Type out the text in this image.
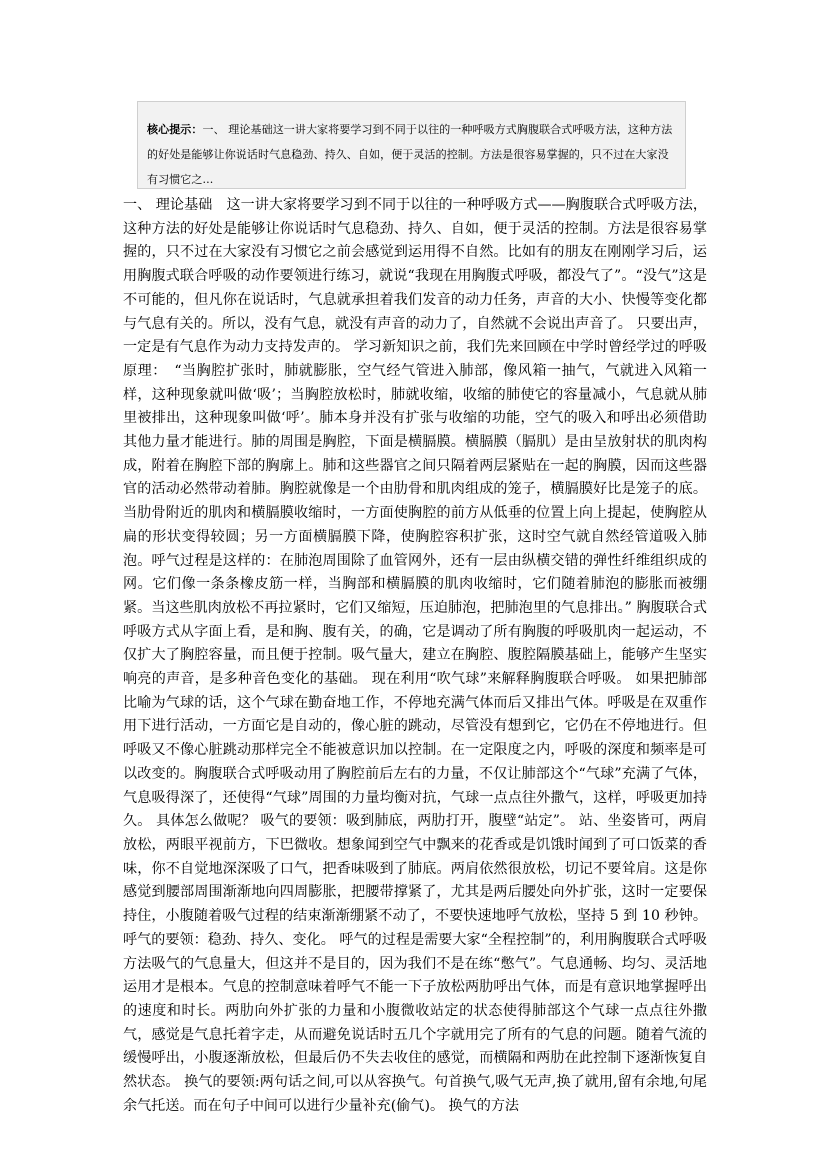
核心提示：一、 理论基础这一讲大家将要学习到不同于以往的一种呼吸方式胸腹联合式呼吸方法，这种方法的好处是能够让你说话时气息稳劲、持久、自如，便于灵活的控制。方法是很容易掌握的，只不过在大家没有习惯它之...
一、 理论基础　这一讲大家将要学习到不同于以往的一种呼吸方式——胸腹联合式呼吸方法，这种方法的好处是能够让你说话时气息稳劲、持久、自如，便于灵活的控制。方法是很容易掌握的，只不过在大家没有习惯它之前会感觉到运用得不自然。比如有的朋友在刚刚学习后，运用胸腹式联合呼吸的动作要领进行练习，就说“我现在用胸腹式呼吸，都没气了”。“没气”这是不可能的，但凡你在说话时，气息就承担着我们发音的动力任务，声音的大小、快慢等变化都与气息有关的。所以，没有气息，就没有声音的动力了，自然就不会说出声音了。 只要出声，一定是有气息作为动力支持发声的。 学习新知识之前，我们先来回顾在中学时曾经学过的呼吸原理：　“当胸腔扩张时，肺就膨胀，空气经气管进入肺部，像风箱一抽气，气就进入风箱一样，这种现象就叫做‘吸’；当胸腔放松时，肺就收缩，收缩的肺使它的容量减小，气息就从肺里被排出，这种现象叫做‘呼’。肺本身并没有扩张与收缩的功能，空气的吸入和呼出必须借助其他力量才能进行。肺的周围是胸腔，下面是横膈膜。横膈膜（膈肌）是由呈放射状的肌肉构成，附着在胸腔下部的胸廓上。肺和这些器官之间只隔着两层紧贴在一起的胸膜，因而这些器官的活动必然带动着肺。胸腔就像是一个由肋骨和肌肉组成的笼子，横膈膜好比是笼子的底。当肋骨附近的肌肉和横膈膜收缩时，一方面使胸腔的前方从低垂的位置上向上提起，使胸腔从扁的形状变得较圆；另一方面横膈膜下降，使胸腔容积扩张，这时空气就自然经管道吸入肺泡。呼气过程是这样的：在肺泡周围除了血管网外，还有一层由纵横交错的弹性纤维组织成的网。它们像一条条橡皮筋一样，当胸部和横膈膜的肌肉收缩时，它们随着肺泡的膨胀而被绷紧。当这些肌肉放松不再拉紧时，它们又缩短，压迫肺泡，把肺泡里的气息排出。” 胸腹联合式呼吸方式从字面上看，是和胸、腹有关，的确，它是调动了所有胸腹的呼吸肌肉一起运动，不仅扩大了胸腔容量，而且便于控制。吸气量大，建立在胸腔、腹腔隔膜基础上，能够产生坚实响亮的声音，是多种音色变化的基础。 现在利用“吹气球”来解释胸腹联合呼吸。 如果把肺部比喻为气球的话，这个气球在勤奋地工作，不停地充满气体而后又排出气体。呼吸是在双重作用下进行活动，一方面它是自动的，像心脏的跳动，尽管没有想到它，它仍在不停地进行。但呼吸又不像心脏跳动那样完全不能被意识加以控制。在一定限度之内，呼吸的深度和频率是可以改变的。胸腹联合式呼吸动用了胸腔前后左右的力量，不仅让肺部这个“气球”充满了气体，气息吸得深了，还使得“气球”周围的力量均衡对抗，气球一点点往外撒气，这样，呼吸更加持久。 具体怎么做呢？ 吸气的要领：吸到肺底，两肋打开，腹壁“站定”。 站、坐姿皆可，两肩放松，两眼平视前方，下巴微收。想象闻到空气中飘来的花香或是饥饿时闻到了可口饭菜的香味，你不自觉地深深吸了口气，把香味吸到了肺底。两肩依然很放松，切记不要耸肩。这是你感觉到腰部周围渐渐地向四周膨胀，把腰带撑紧了，尤其是两后腰处向外扩张，这时一定要保持住，小腹随着吸气过程的结束渐渐绷紧不动了，不要快速地呼气放松，坚持 5 到 10 秒钟。 呼气的要领：稳劲、持久、变化。 呼气的过程是需要大家“全程控制”的，利用胸腹联合式呼吸方法吸气的气息量大，但这并不是目的，因为我们不是在练“憋气”。气息通畅、均匀、灵活地运用才是根本。气息的控制意味着呼气不能一下子放松两肋呼出气体，而是有意识地掌握呼出的速度和时长。两肋向外扩张的力量和小腹微收站定的状态使得肺部这个气球一点点往外撒气，感觉是气息托着字走，从而避免说话时五几个字就用完了所有的气息的问题。随着气流的缓慢呼出，小腹逐渐放松，但最后仍不失去收住的感觉，而横隔和两肋在此控制下逐渐恢复自然状态。 换气的要领:两句话之间,可以从容换气。句首换气,吸气无声,换了就用,留有余地,句尾余气托送。而在句子中间可以进行少量补充(偷气)。 换气的方法
